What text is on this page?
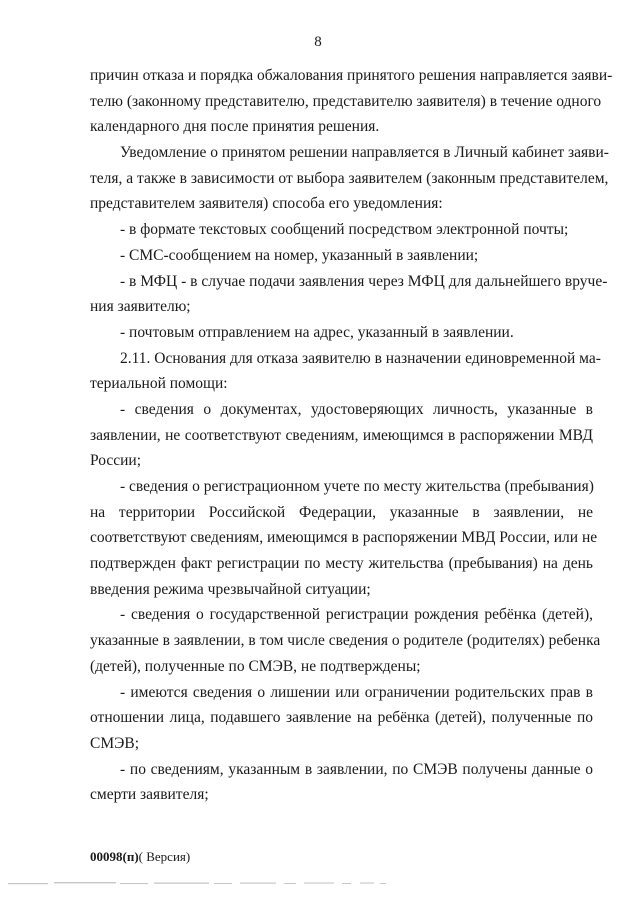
8
причин отказа и порядка обжалования принятого решения направляется заяви-
телю (законному представителю, представителю заявителя) в течение одного
календарного дня после принятия решения.
Уведомление о принятом решении направляется в Личный кабинет заяви-
теля, а также в зависимости от выбора заявителем (законным представителем,
представителем заявителя) способа его уведомления:
- в формате текстовых сообщений посредством электронной почты;
- СМС-сообщением на номер, указанный в заявлении;
- в МФЦ - в случае подачи заявления через МФЦ для дальнейшего вруче-
ния заявителю;
- почтовым отправлением на адрес, указанный в заявлении.
2.11. Основания для отказа заявителю в назначении единовременной ма-
териальной помощи:
- сведения о документах, удостоверяющих личность, указанные в
заявлении, не соответствуют сведениям, имеющимся в распоряжении МВД
России;
- сведения о регистрационном учете по месту жительства (пребывания)
на территории Российской Федерации, указанные в заявлении, не
соответствуют сведениям, имеющимся в распоряжении МВД России, или не
подтвержден факт регистрации по месту жительства (пребывания) на день
введения режима чрезвычайной ситуации;
- сведения о государственной регистрации рождения ребёнка (детей),
указанные в заявлении, в том числе сведения о родителе (родителях) ребенка
(детей), полученные по СМЭВ, не подтверждены;
- имеются сведения о лишении или ограничении родительских прав в
отношении лица, подавшего заявление на ребёнка (детей), полученные по
СМЭВ;
- по сведениям, указанным в заявлении, по СМЭВ получены данные о
смерти заявителя;
00098(п)( Версия)
